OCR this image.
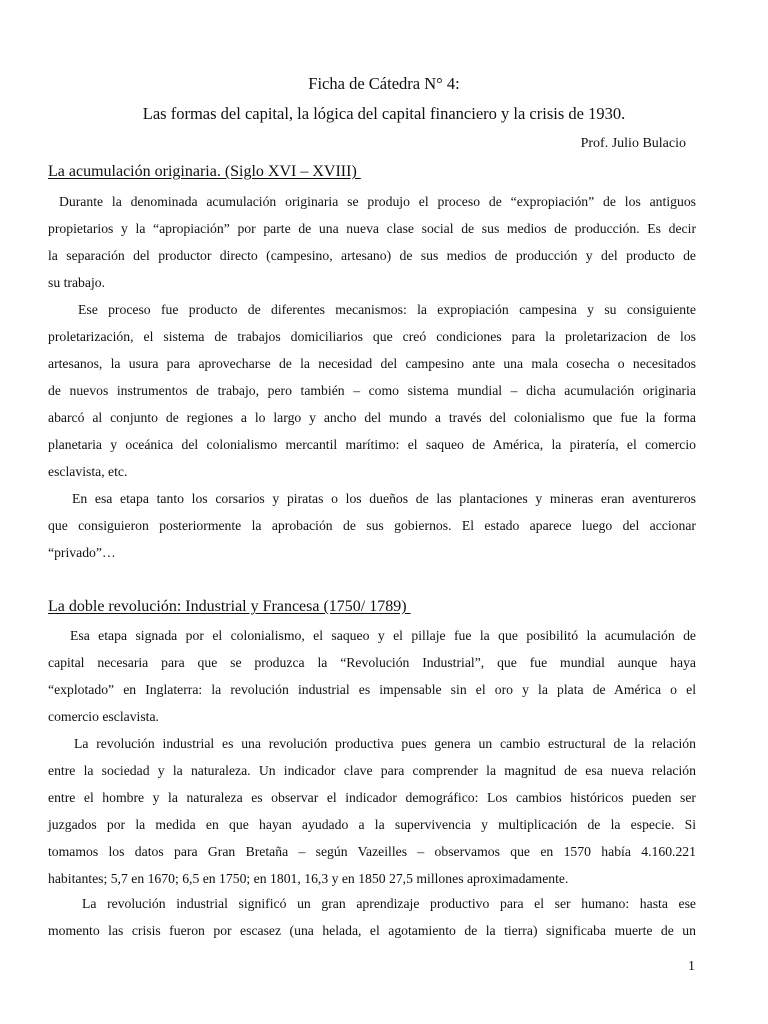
Ficha de Cátedra N° 4:
Las formas del capital, la lógica del capital financiero y la crisis de 1930.
Prof. Julio Bulacio
La acumulación originaria. (Siglo XVI – XVIII)
Durante la denominada acumulación originaria se produjo el proceso de “expropiación” de los antiguos
propietarios y la “apropiación” por parte de una nueva clase social de sus medios de producción. Es decir
la separación del productor directo (campesino, artesano) de sus medios de producción y del producto de
su trabajo.
Ese proceso fue producto de diferentes mecanismos: la expropiación campesina y su consiguiente
proletarización, el sistema de trabajos domiciliarios que creó condiciones para la proletarizacion de los
artesanos, la usura para aprovecharse de la necesidad del campesino ante una mala cosecha o necesitados
de nuevos instrumentos de trabajo, pero también – como sistema mundial – dicha acumulación originaria
abarcó al conjunto de regiones a lo largo y ancho del mundo a través del colonialismo que fue la forma
planetaria y oceánica del colonialismo mercantil marítimo: el saqueo de América, la piratería, el comercio
esclavista, etc.
En esa etapa tanto los corsarios y piratas o los dueños de las plantaciones y mineras eran aventureros
que consiguieron posteriormente la aprobación de sus gobiernos. El estado aparece luego del accionar
“privado”…
La doble revolución: Industrial y Francesa (1750/ 1789)
Esa etapa signada por el colonialismo, el saqueo y el pillaje fue la que posibilitó la acumulación de
capital necesaria para que se produzca la “Revolución Industrial”, que fue mundial aunque haya
“explotado” en Inglaterra: la revolución industrial es impensable sin el oro y la plata de América o el
comercio esclavista.
La revolución industrial es una revolución productiva pues genera un cambio estructural de la relación
entre la sociedad y la naturaleza. Un indicador clave para comprender la magnitud de esa nueva relación
entre el hombre y la naturaleza es observar el indicador demográfico: Los cambios históricos pueden ser
juzgados por la medida en que hayan ayudado a la supervivencia y multiplicación de la especie. Si
tomamos los datos para Gran Bretaña – según Vazeilles – observamos que en 1570 había 4.160.221
habitantes; 5,7 en 1670; 6,5 en 1750; en 1801, 16,3 y en 1850 27,5 millones aproximadamente.
La revolución industrial significó un gran aprendizaje productivo para el ser humano: hasta ese
momento las crisis fueron por escasez (una helada, el agotamiento de la tierra) significaba muerte de un
1
